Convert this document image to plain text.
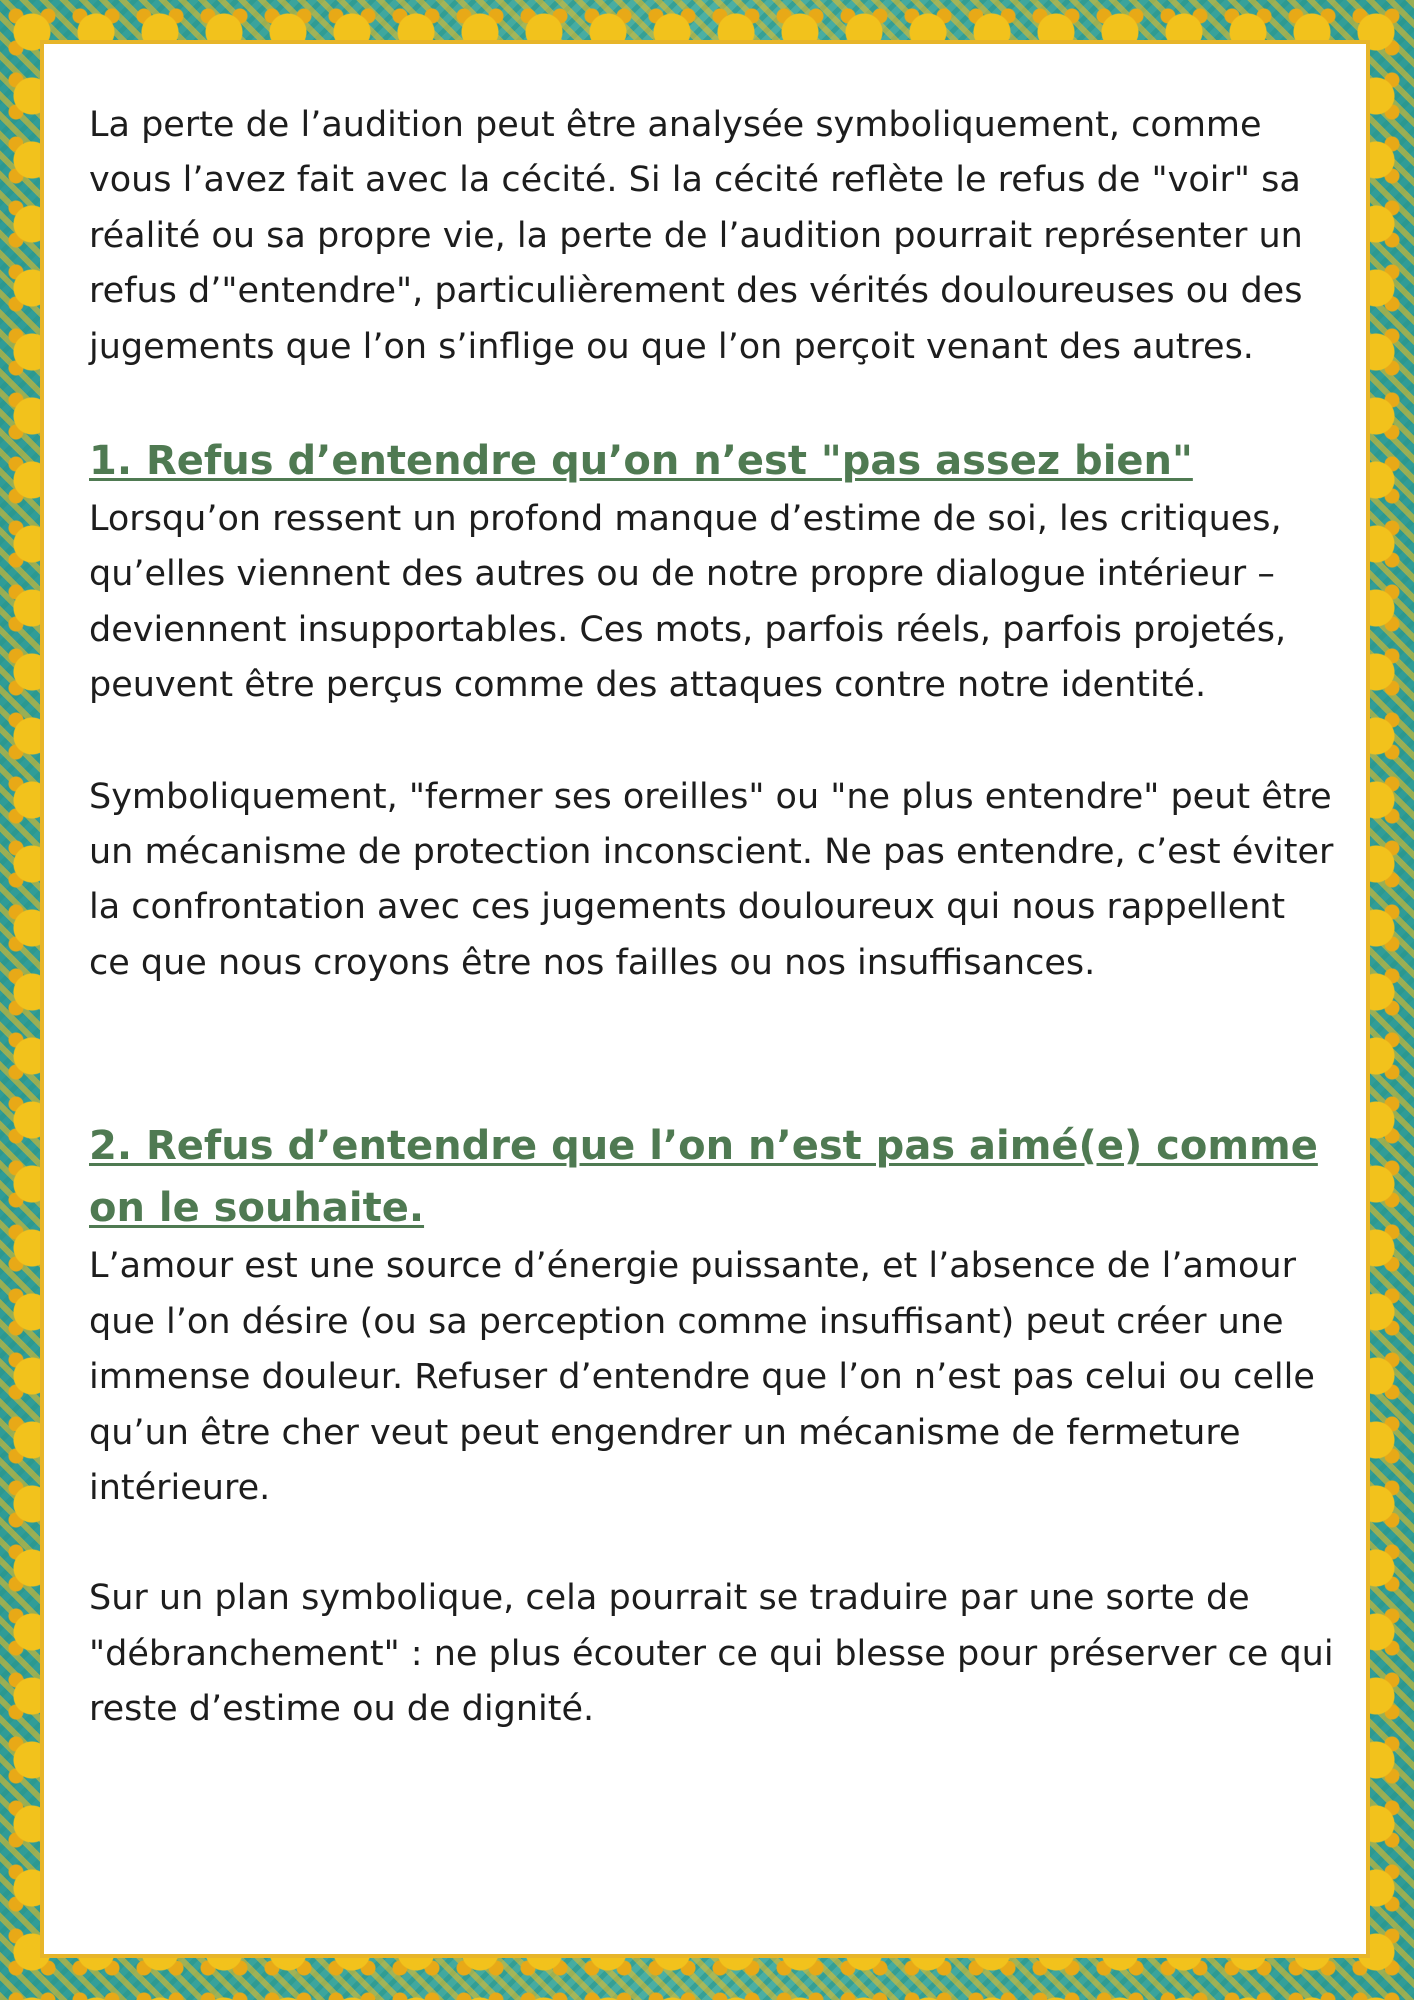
La perte de l’audition peut être analysée symboliquement, comme vous l’avez fait avec la cécité. Si la cécité reflète le refus de "voir" sa réalité ou sa propre vie, la perte de l’audition pourrait représenter un refus d’"entendre", particulièrement des vérités douloureuses ou des jugements que l’on s’inflige ou que l’on perçoit venant des autres.

1. Refus d’entendre qu’on n’est "pas assez bien"

Lorsqu’on ressent un profond manque d’estime de soi, les critiques, qu’elles viennent des autres ou de notre propre dialogue intérieur – deviennent insupportables. Ces mots, parfois réels, parfois projetés, peuvent être perçus comme des attaques contre notre identité.

Symboliquement, "fermer ses oreilles" ou "ne plus entendre" peut être un mécanisme de protection inconscient. Ne pas entendre, c’est éviter la confrontation avec ces jugements douloureux qui nous rappellent ce que nous croyons être nos failles ou nos insuffisances.

2. Refus d’entendre que l’on n’est pas aimé(e) comme on le souhaite.

L’amour est une source d’énergie puissante, et l’absence de l’amour que l’on désire (ou sa perception comme insuffisant) peut créer une immense douleur. Refuser d’entendre que l’on n’est pas celui ou celle qu’un être cher veut peut engendrer un mécanisme de fermeture intérieure.

Sur un plan symbolique, cela pourrait se traduire par une sorte de "débranchement" : ne plus écouter ce qui blesse pour préserver ce qui reste d’estime ou de dignité.
